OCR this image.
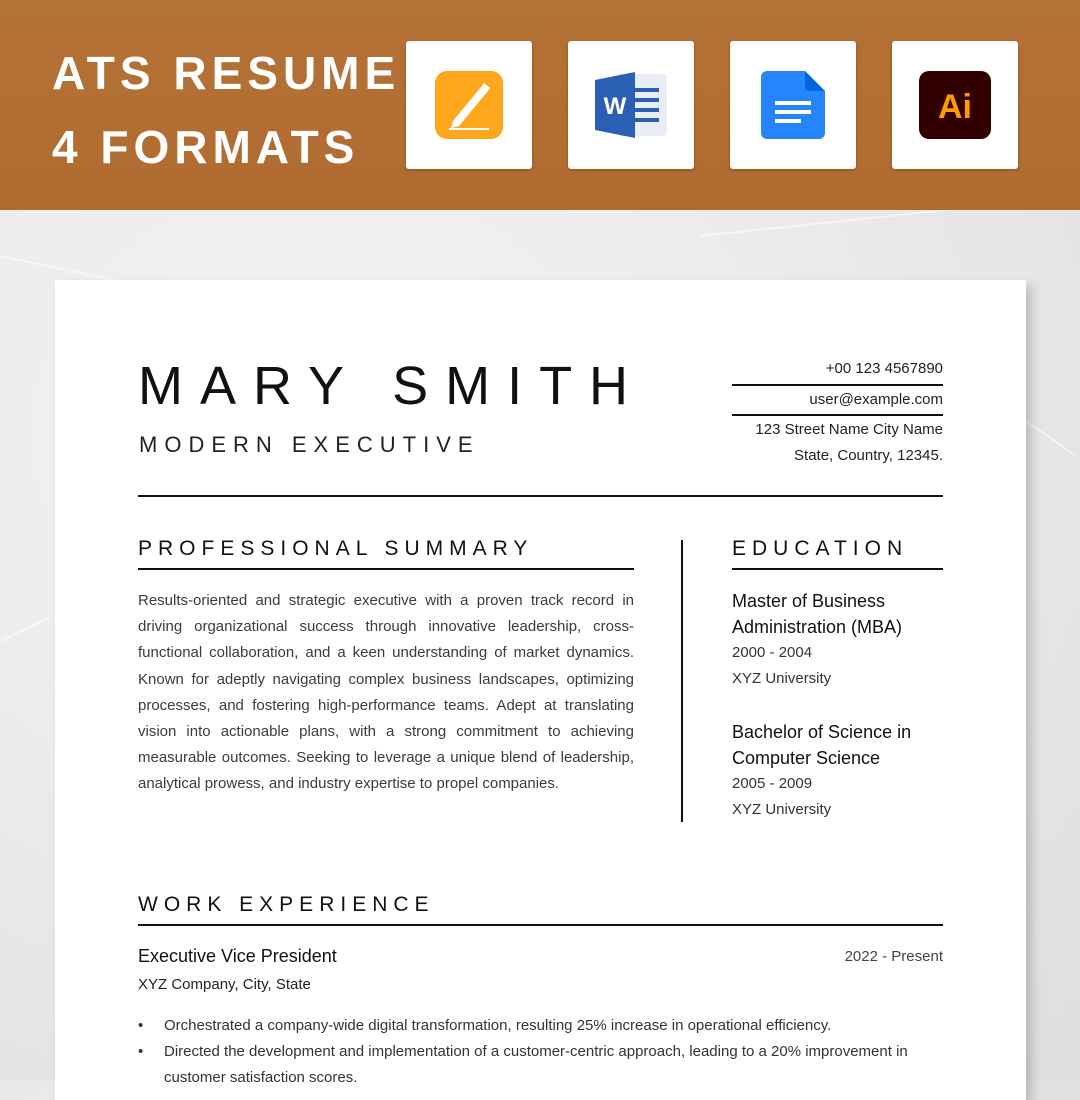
ATS RESUME
4 FORMATS
W	Ai
MARY SMITH
MODERN EXECUTIVE
+00 123 4567890
user@example.com
123 Street Name City Name
State, Country, 12345.
PROFESSIONAL SUMMARY
Results-oriented and strategic executive with a proven track record in driving organizational success through innovative leadership, cross-functional collaboration, and a keen understanding of market dynamics. Known for adeptly navigating complex business landscapes, optimizing processes, and fostering high-performance teams. Adept at translating vision into actionable plans, with a strong commitment to achieving measurable outcomes. Seeking to leverage a unique blend of leadership, analytical prowess, and industry expertise to propel companies.
EDUCATION
Master of Business
Administration (MBA)
2000 - 2004
XYZ University
Bachelor of Science in
Computer Science
2005 - 2009
XYZ University
WORK EXPERIENCE
Executive Vice President	2022 - Present
XYZ Company, City, State
• Orchestrated a company-wide digital transformation, resulting 25% increase in operational efficiency.
• Directed the development and implementation of a customer-centric approach, leading to a 20% improvement in customer satisfaction scores.
